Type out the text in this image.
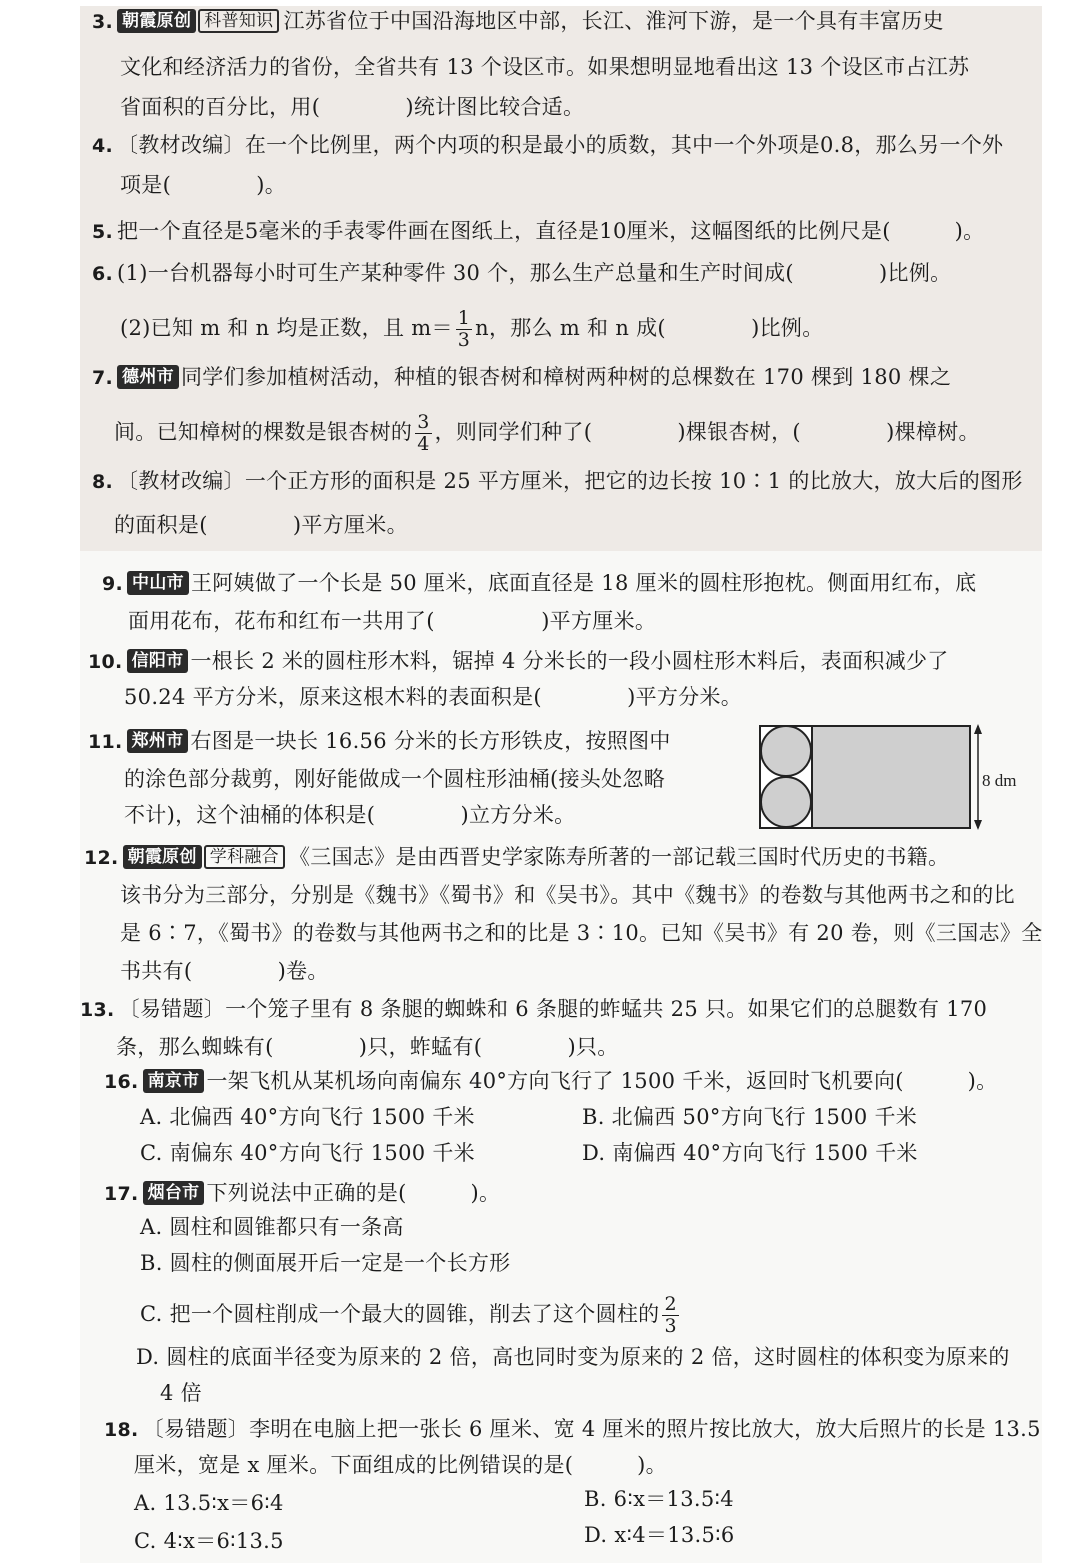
3. 朝霞原创 科普知识 江苏省位于中国沿海地区中部，长江、淮河下游，是一个具有丰富历史
文化和经济活力的省份，全省共有 13 个设区市。如果想明显地看出这 13 个设区市占江苏
省面积的百分比，用(　　　　)统计图比较合适。
4. 〔教材改编〕在一个比例里，两个内项的积是最小的质数，其中一个外项是0.8，那么另一个外
项是(　　　　)。
5. 把一个直径是5毫米的手表零件画在图纸上，直径是10厘米，这幅图纸的比例尺是(　　　)。
6. (1)一台机器每小时可生产某种零件 30 个，那么生产总量和生产时间成(　　　　)比例。
(2)已知 m 和 n 均是正数，且 $m= \frac{1}{3}$ n，那么 m 和 n 成(　　　　)比例。
7. 德州市 同学们参加植树活动，种植的银杏树和樟树两种树的总棵数在 170 棵到 180 棵之
间。已知樟树的棵数是银杏树的 $\frac{3}{4}$ ，则同学们种了(　　　　)棵银杏树，(　　　　)棵樟树。
8. 〔教材改编〕一个正方形的面积是 25 平方厘米，把它的边长按 10∶1 的比放大，放大后的图形
的面积是(　　　　)平方厘米。
9. 中山市 王阿姨做了一个长是 50 厘米，底面直径是 18 厘米的圆柱形抱枕。侧面用红布，底
面用花布，花布和红布一共用了(　　　　　)平方厘米。
10. 信阳市 一根长 2 米的圆柱形木料，锯掉 4 分米长的一段小圆柱形木料后，表面积减少了
50.24 平方分米，原来这根木料的表面积是(　　　　)平方分米。
11. 郑州市 右图是一块长 16.56 分米的长方形铁皮，按照图中
的涂色部分裁剪，刚好能做成一个圆柱形油桶(接头处忽略
不计)，这个油桶的体积是(　　　　)立方分米。
8 dm
12. 朝霞原创 学科融合 《三国志》是由西晋史学家陈寿所著的一部记载三国时代历史的书籍。
该书分为三部分，分别是《魏书》《蜀书》和《吴书》。其中《魏书》的卷数与其他两书之和的比
是 6∶7，《蜀书》的卷数与其他两书之和的比是 3∶10。已知《吴书》有 20 卷，则《三国志》全
书共有(　　　　)卷。
13. 〔易错题〕一个笼子里有 8 条腿的蜘蛛和 6 条腿的蚱蜢共 25 只。如果它们的总腿数有 170
条，那么蜘蛛有(　　　　)只，蚱蜢有(　　　　)只。
16. 南京市 一架飞机从某机场向南偏东 40°方向飞行了 1500 千米，返回时飞机要向(　　　)。
A. 北偏西 40°方向飞行 1500 千米	B. 北偏西 50°方向飞行 1500 千米
C. 南偏东 40°方向飞行 1500 千米	D. 南偏西 40°方向飞行 1500 千米
17. 烟台市 下列说法中正确的是(　　　)。
A. 圆柱和圆锥都只有一条高
B. 圆柱的侧面展开后一定是一个长方形
C. 把一个圆柱削成一个最大的圆锥，削去了这个圆柱的 $\frac{2}{3}$
D. 圆柱的底面半径变为原来的 2 倍，高也同时变为原来的 2 倍，这时圆柱的体积变为原来的
4 倍
18. 〔易错题〕李明在电脑上把一张长 6 厘米、宽 4 厘米的照片按比放大，放大后照片的长是 13.5
厘米，宽是 x 厘米。下面组成的比例错误的是(　　　)。
A. 13.5∶x＝6∶4	B. 6∶x＝13.5∶4
C. 4∶x＝6∶13.5	D. x∶4＝13.5∶6
